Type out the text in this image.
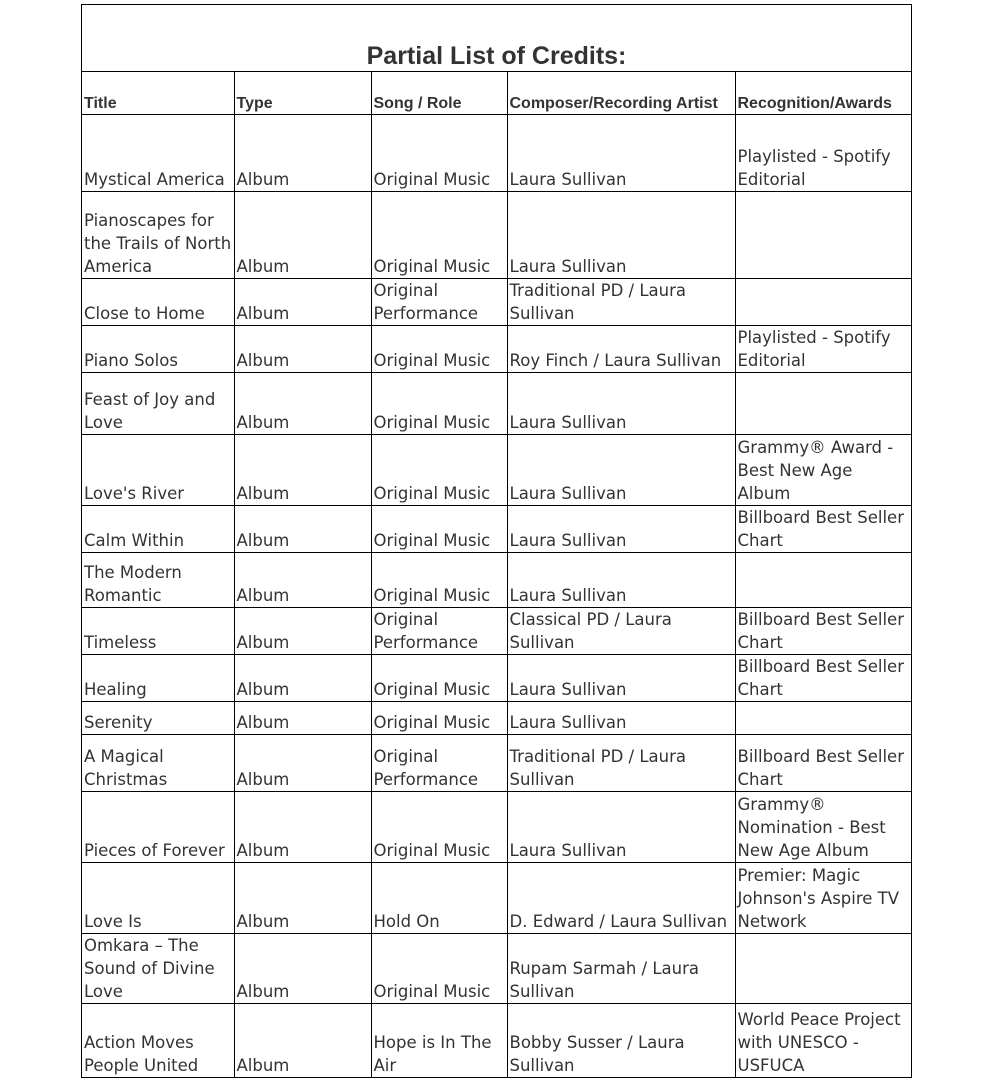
Partial List of Credits:
Title	Type	Song / Role	Composer/Recording Artist	Recognition/Awards
Mystical America	Album	Original Music	Laura Sullivan	Playlisted - Spotify Editorial
Pianoscapes for the Trails of North America	Album	Original Music	Laura Sullivan	
Close to Home	Album	Original Performance	Traditional PD / Laura Sullivan	
Piano Solos	Album	Original Music	Roy Finch / Laura Sullivan	Playlisted - Spotify Editorial
Feast of Joy and Love	Album	Original Music	Laura Sullivan	
Love's River	Album	Original Music	Laura Sullivan	Grammy® Award - Best New Age Album
Calm Within	Album	Original Music	Laura Sullivan	Billboard Best Seller Chart
The Modern Romantic	Album	Original Music	Laura Sullivan	
Timeless	Album	Original Performance	Classical PD / Laura Sullivan	Billboard Best Seller Chart
Healing	Album	Original Music	Laura Sullivan	Billboard Best Seller Chart
Serenity	Album	Original Music	Laura Sullivan	
A Magical Christmas	Album	Original Performance	Traditional PD / Laura Sullivan	Billboard Best Seller Chart
Pieces of Forever	Album	Original Music	Laura Sullivan	Grammy® Nomination - Best New Age Album
Love Is	Album	Hold On	D. Edward / Laura Sullivan	Premier: Magic Johnson's Aspire TV Network
Omkara – The Sound of Divine Love	Album	Original Music	Rupam Sarmah / Laura Sullivan	
Action Moves People United	Album	Hope is In The Air	Bobby Susser / Laura Sullivan	World Peace Project with UNESCO - USFUCA
